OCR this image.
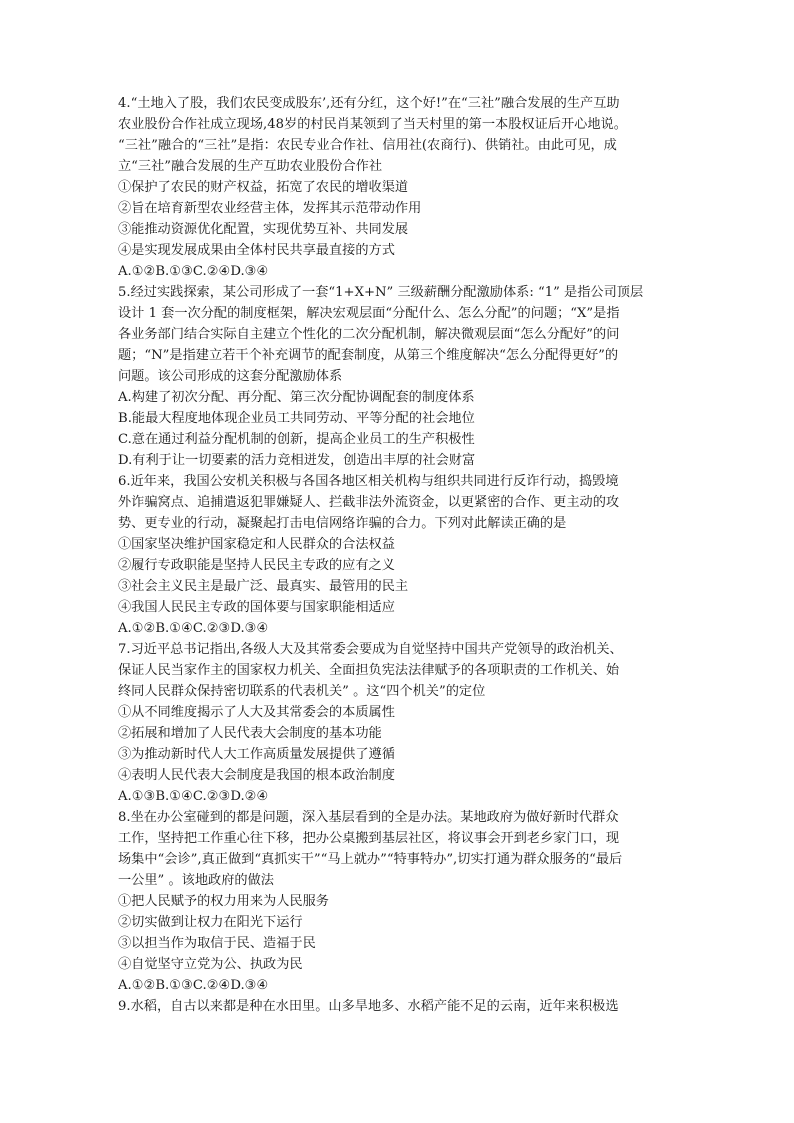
4.“土地入了股，我们农民变成股东’,还有分红，这个好!”在“三社”融合发展的生产互助
农业股份合作社成立现场,48岁的村民肖某领到了当天村里的第一本股权证后开心地说。
“三社”融合的“三社”是指：农民专业合作社、信用社(农商行)、供销社。由此可见，成
立“三社”融合发展的生产互助农业股份合作社
①保护了农民的财产权益，拓宽了农民的增收渠道
②旨在培育新型农业经营主体，发挥其示范带动作用
③能推动资源优化配置，实现优势互补、共同发展
④是实现发展成果由全体村民共享最直接的方式
A.①②B.①③C.②④D.③④
5.经过实践探索，某公司形成了一套“1+X+N” 三级薪酬分配激励体系: “1” 是指公司顶层
设计 1 套一次分配的制度框架，解决宏观层面“分配什么、怎么分配”的问题；“X”是指
各业务部门结合实际自主建立个性化的二次分配机制，解决微观层面“怎么分配好”的问
题；“N”是指建立若干个补充调节的配套制度，从第三个维度解决“怎么分配得更好”的
问题。该公司形成的这套分配激励体系
A.构建了初次分配、再分配、第三次分配协调配套的制度体系
B.能最大程度地体现企业员工共同劳动、平等分配的社会地位
C.意在通过利益分配机制的创新，提高企业员工的生产积极性
D.有利于让一切要素的活力竞相迸发，创造出丰厚的社会财富
6.近年来，我国公安机关积极与各国各地区相关机构与组织共同进行反诈行动，捣毁境
外诈骗窝点、追捕遣返犯罪嫌疑人、拦截非法外流资金，以更紧密的合作、更主动的攻
势、更专业的行动，凝聚起打击电信网络诈骗的合力。下列对此解读正确的是
①国家坚决维护国家稳定和人民群众的合法权益
②履行专政职能是坚持人民民主专政的应有之义
③社会主义民主是最广泛、最真实、最管用的民主
④我国人民民主专政的国体要与国家职能相适应
A.①②B.①④C.②③D.③④
7.习近平总书记指出,各级人大及其常委会要成为自觉坚持中国共产党领导的政治机关、
保证人民当家作主的国家权力机关、全面担负宪法法律赋予的各项职责的工作机关、始
终同人民群众保持密切联系的代表机关” 。这“四个机关”的定位
①从不同维度揭示了人大及其常委会的本质属性
②拓展和增加了人民代表大会制度的基本功能
③为推动新时代人大工作高质量发展提供了遵循
④表明人民代表大会制度是我国的根本政治制度
A.①③B.①④C.②③D.②④
8.坐在办公室碰到的都是问题，深入基层看到的全是办法。某地政府为做好新时代群众
工作，坚持把工作重心往下移，把办公桌搬到基层社区，将议事会开到老乡家门口，现
场集中“会诊”,真正做到“真抓实干”“马上就办”“特事特办”,切实打通为群众服务的“最后
一公里” 。该地政府的做法
①把人民赋予的权力用来为人民服务
②切实做到让权力在阳光下运行
③以担当作为取信于民、造福于民
④自觉坚守立党为公、执政为民
A.①②B.①③C.②④D.③④
9.水稻，自古以来都是种在水田里。山多旱地多、水稻产能不足的云南，近年来积极选
